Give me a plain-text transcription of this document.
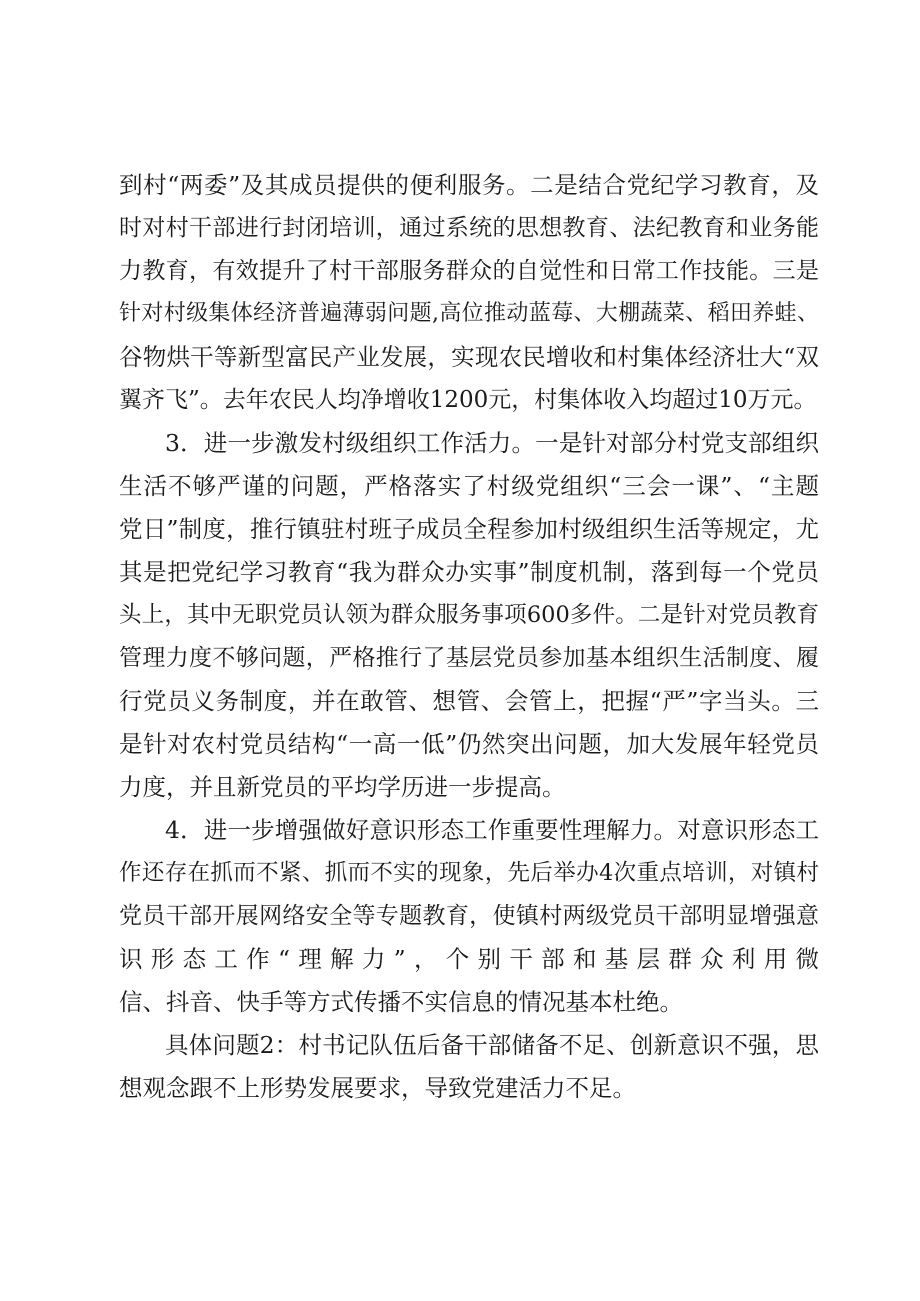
到村“两委”及其成员提供的便利服务。二是结合党纪学习教育，及
时对村干部进行封闭培训，通过系统的思想教育、法纪教育和业务能
力教育，有效提升了村干部服务群众的自觉性和日常工作技能。三是
针对村级集体经济普遍薄弱问题,高位推动蓝莓、大棚蔬菜、稻田养蛙、
谷物烘干等新型富民产业发展，实现农民增收和村集体经济壮大“双
翼齐飞”。去年农民人均净增收1200元，村集体收入均超过10万元。
3．进一步激发村级组织工作活力。一是针对部分村党支部组织
生活不够严谨的问题，严格落实了村级党组织“三会一课”、“主题
党日”制度，推行镇驻村班子成员全程参加村级组织生活等规定，尤
其是把党纪学习教育“我为群众办实事”制度机制，落到每一个党员
头上，其中无职党员认领为群众服务事项600多件。二是针对党员教育
管理力度不够问题，严格推行了基层党员参加基本组织生活制度、履
行党员义务制度，并在敢管、想管、会管上，把握“严”字当头。三
是针对农村党员结构“一高一低”仍然突出问题，加大发展年轻党员
力度，并且新党员的平均学历进一步提高。
4．进一步增强做好意识形态工作重要性理解力。对意识形态工
作还存在抓而不紧、抓而不实的现象，先后举办4次重点培训，对镇村
党员干部开展网络安全等专题教育，使镇村两级党员干部明显增强意
识形态工作“理解力”，个别干部和基层群众利用微
信、抖音、快手等方式传播不实信息的情况基本杜绝。
具体问题2：村书记队伍后备干部储备不足、创新意识不强，思
想观念跟不上形势发展要求，导致党建活力不足。
